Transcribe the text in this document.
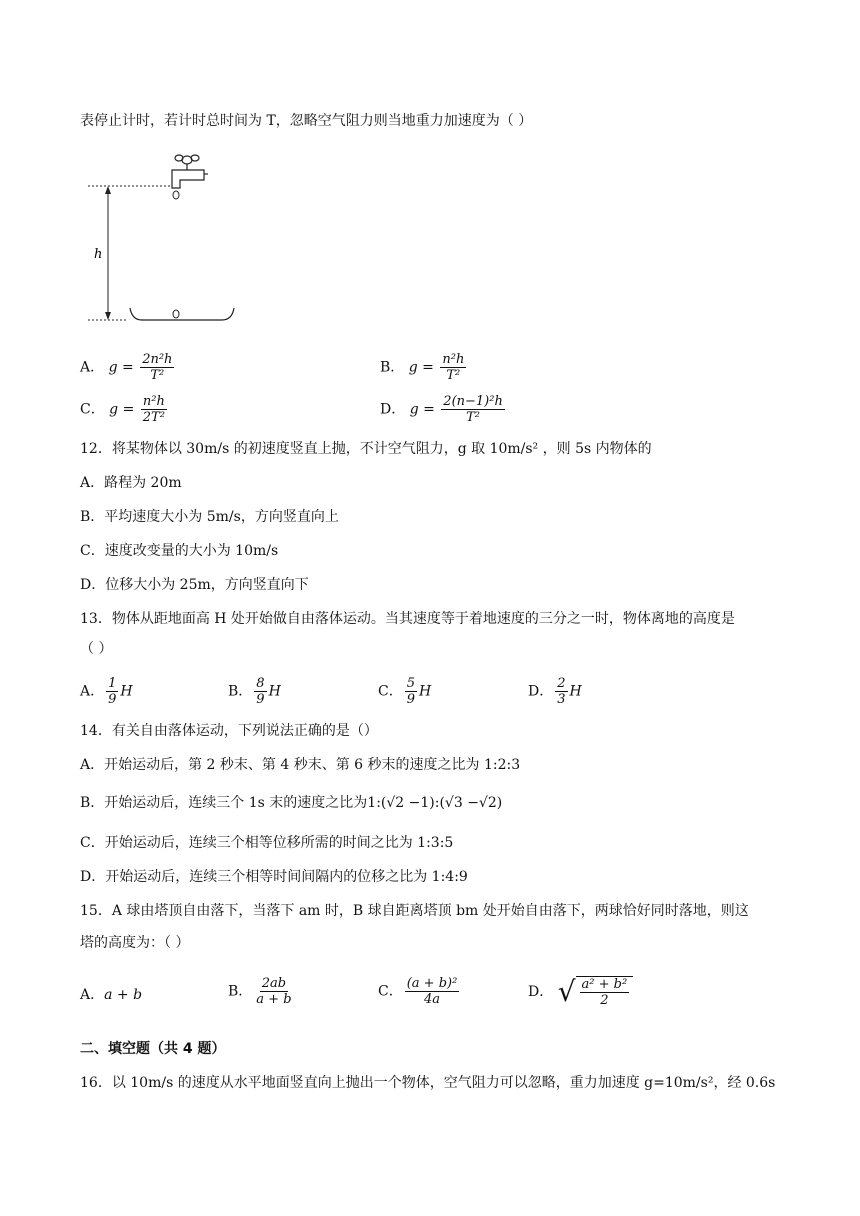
表停止计时，若计时总时间为 T，忽略空气阻力则当地重力加速度为（ ）
h
A． $g = \frac{\text{2n²h}}{\text{T²}}$	B． $g = \frac{\text{n²h}}{\text{T²}}$
C． $g = \frac{\text{n²h}}{\text{2T²}}$	D． $g = \frac{\text{2(n−1)²h}}{\text{T²}}$
12．将某物体以 30m/s 的初速度竖直上抛，不计空气阻力，g 取 10m/s² ，则 5s 内物体的
A．路程为 20m
B．平均速度大小为 5m/s，方向竖直向上
C．速度改变量的大小为 10m/s
D．位移大小为 25m，方向竖直向下
13．物体从距地面高 H 处开始做自由落体运动。当其速度等于着地速度的三分之一时，物体离地的高度是
（ ）
A． $\frac{1}{9}$ H	B． $\frac{8}{9}$ H	C． $\frac{5}{9}$ H	D． $\frac{2}{3}$ H
14．有关自由落体运动，下列说法正确的是（）
A．开始运动后，第 2 秒末、第 4 秒末、第 6 秒末的速度之比为 1:2:3
B．开始运动后，连续三个 1s 末的速度之比为1:(√2 −1):(√3 −√2)
C．开始运动后，连续三个相等位移所需的时间之比为 1:3:5
D．开始运动后，连续三个相等时间间隔内的位移之比为 1:4:9
15．A 球由塔顶自由落下，当落下 am 时，B 球自距离塔顶 bm 处开始自由落下，两球恰好同时落地，则这
塔的高度为：（ ）
A．a + b	B． $\frac{2ab}{a + b}$	C． $\frac{\text{(a + b)²}}{4a}$	D． √ $\frac{\text{a² + b²}}{2}$
二、填空题（共 4 题）
16．以 10m/s 的速度从水平地面竖直向上抛出一个物体，空气阻力可以忽略，重力加速度 g=10m/s²，经 0.6s
